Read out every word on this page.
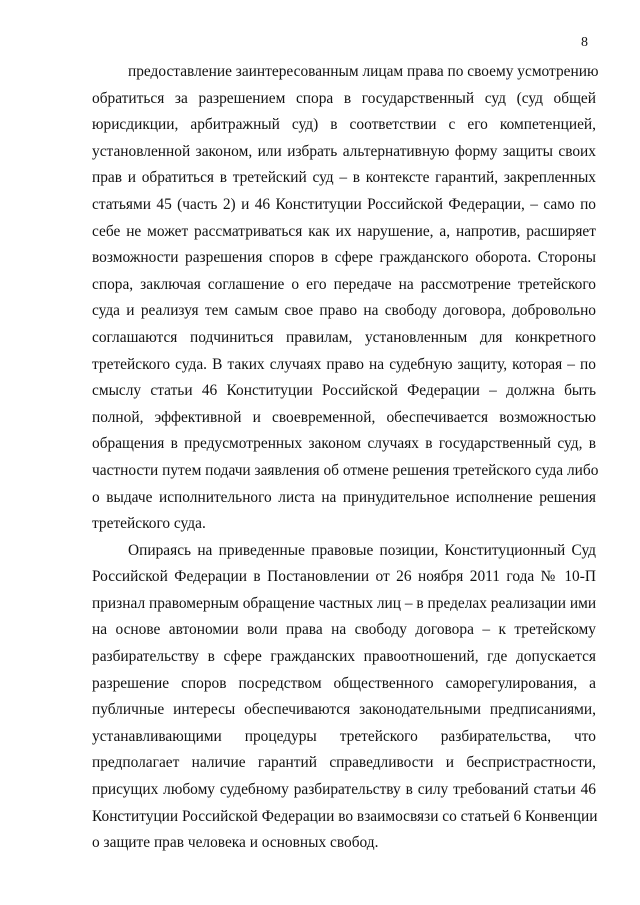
8

предоставление заинтересованным лицам права по своему усмотрению
обратиться за разрешением спора в государственный суд (суд общей
юрисдикции, арбитражный суд) в соответствии с его компетенцией,
установленной законом, или избрать альтернативную форму защиты своих
прав и обратиться в третейский суд – в контексте гарантий, закрепленных
статьями 45 (часть 2) и 46 Конституции Российской Федерации, – само по
себе не может рассматриваться как их нарушение, а, напротив, расширяет
возможности разрешения споров в сфере гражданского оборота. Стороны
спора, заключая соглашение о его передаче на рассмотрение третейского
суда и реализуя тем самым свое право на свободу договора, добровольно
соглашаются подчиниться правилам, установленным для конкретного
третейского суда. В таких случаях право на судебную защиту, которая – по
смыслу статьи 46 Конституции Российской Федерации – должна быть
полной, эффективной и своевременной, обеспечивается возможностью
обращения в предусмотренных законом случаях в государственный суд, в
частности путем подачи заявления об отмене решения третейского суда либо
о выдаче исполнительного листа на принудительное исполнение решения
третейского суда.

Опираясь на приведенные правовые позиции, Конституционный Суд
Российской Федерации в Постановлении от 26 ноября 2011 года № 10-П
признал правомерным обращение частных лиц – в пределах реализации ими
на основе автономии воли права на свободу договора – к третейскому
разбирательству в сфере гражданских правоотношений, где допускается
разрешение споров посредством общественного саморегулирования, а
публичные интересы обеспечиваются законодательными предписаниями,
устанавливающими процедуры третейского разбирательства, что
предполагает наличие гарантий справедливости и беспристрастности,
присущих любому судебному разбирательству в силу требований статьи 46
Конституции Российской Федерации во взаимосвязи со статьей 6 Конвенции
о защите прав человека и основных свобод.
